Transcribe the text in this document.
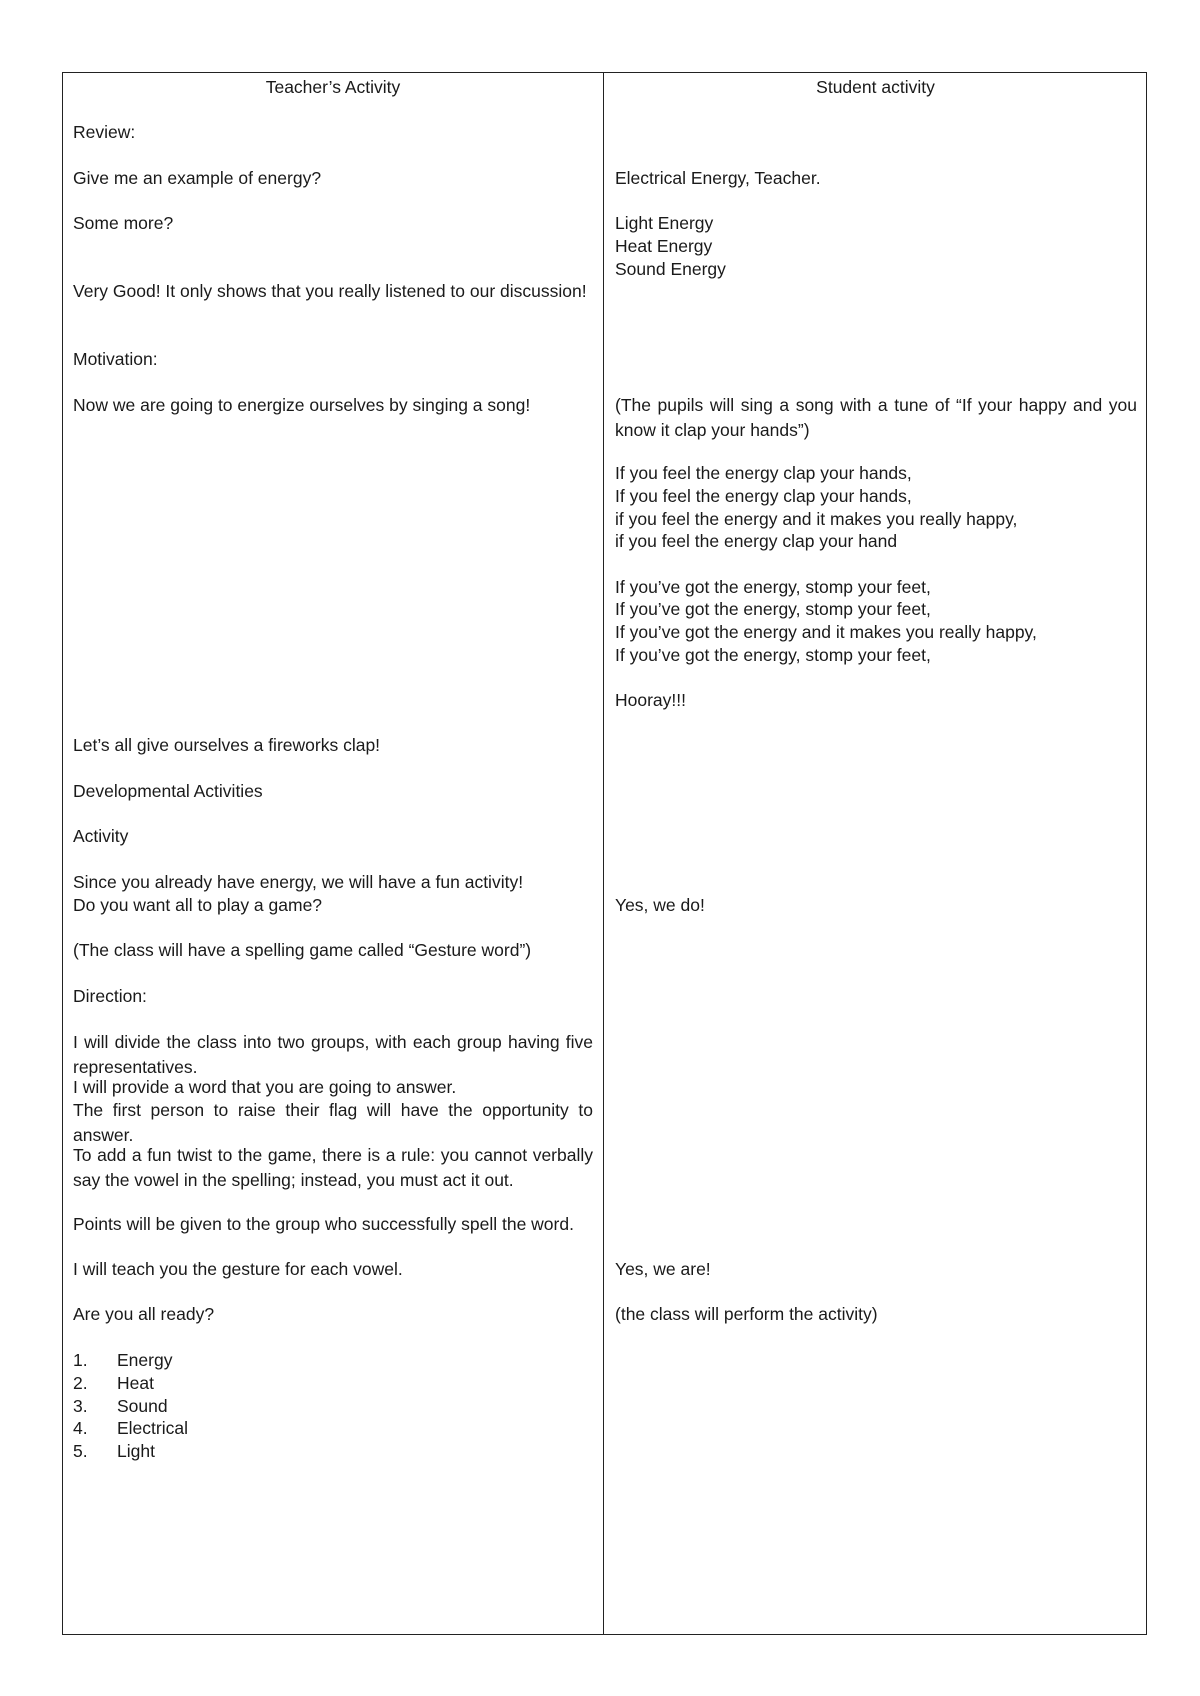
Teacher’s Activity	Student activity
Review:
Give me an example of energy?
Some more?
Very Good! It only shows that you really listened to our discussion!
Motivation:
Now we are going to energize ourselves by singing a song!
Let’s all give ourselves a fireworks clap!
Developmental Activities
Activity
Since you already have energy, we will have a fun activity!
Do you want all to play a game?
(The class will have a spelling game called “Gesture word”)
Direction:
I will divide the class into two groups, with each group having five representatives.
I will provide a word that you are going to answer.
The first person to raise their flag will have the opportunity to answer.
To add a fun twist to the game, there is a rule: you cannot verbally say the vowel in the spelling; instead, you must act it out.
Points will be given to the group who successfully spell the word.
I will teach you the gesture for each vowel.
Are you all ready?
1. Energy
2. Heat
3. Sound
4. Electrical
5. Light
Electrical Energy, Teacher.
Light Energy
Heat Energy
Sound Energy
(The pupils will sing a song with a tune of “If your happy and you know it clap your hands”)
If you feel the energy clap your hands,
If you feel the energy clap your hands,
if you feel the energy and it makes you really happy,
if you feel the energy clap your hand
If you’ve got the energy, stomp your feet,
If you’ve got the energy, stomp your feet,
If you’ve got the energy and it makes you really happy,
If you’ve got the energy, stomp your feet,
Hooray!!!
Yes, we do!
Yes, we are!
(the class will perform the activity)
